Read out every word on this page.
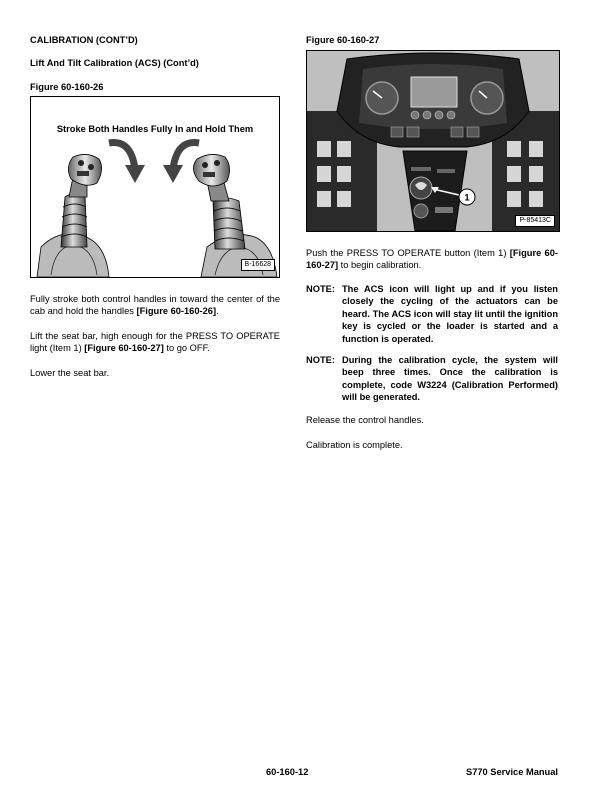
CALIBRATION (CONT’D)
Lift And Tilt Calibration (ACS) (Cont’d)
Figure 60-160-26
Stroke Both Handles Fully In and Hold Them
B-16628
Fully stroke both control handles in toward the center of the cab and hold the handles [Figure 60-160-26].
Lift the seat bar, high enough for the PRESS TO OPERATE light (Item 1) [Figure 60-160-27] to go OFF.
Lower the seat bar.
Figure 60-160-27
1
P-85413C
Push the PRESS TO OPERATE button (Item 1) [Figure 60-160-27] to begin calibration.
NOTE: The ACS icon will light up and if you listen closely the cycling of the actuators can be heard. The ACS icon will stay lit until the ignition key is cycled or the loader is started and a function is operated.
NOTE: During the calibration cycle, the system will beep three times. Once the calibration is complete, code W3224 (Calibration Performed) will be generated.
Release the control handles.
Calibration is complete.
60-160-12	S770 Service Manual
